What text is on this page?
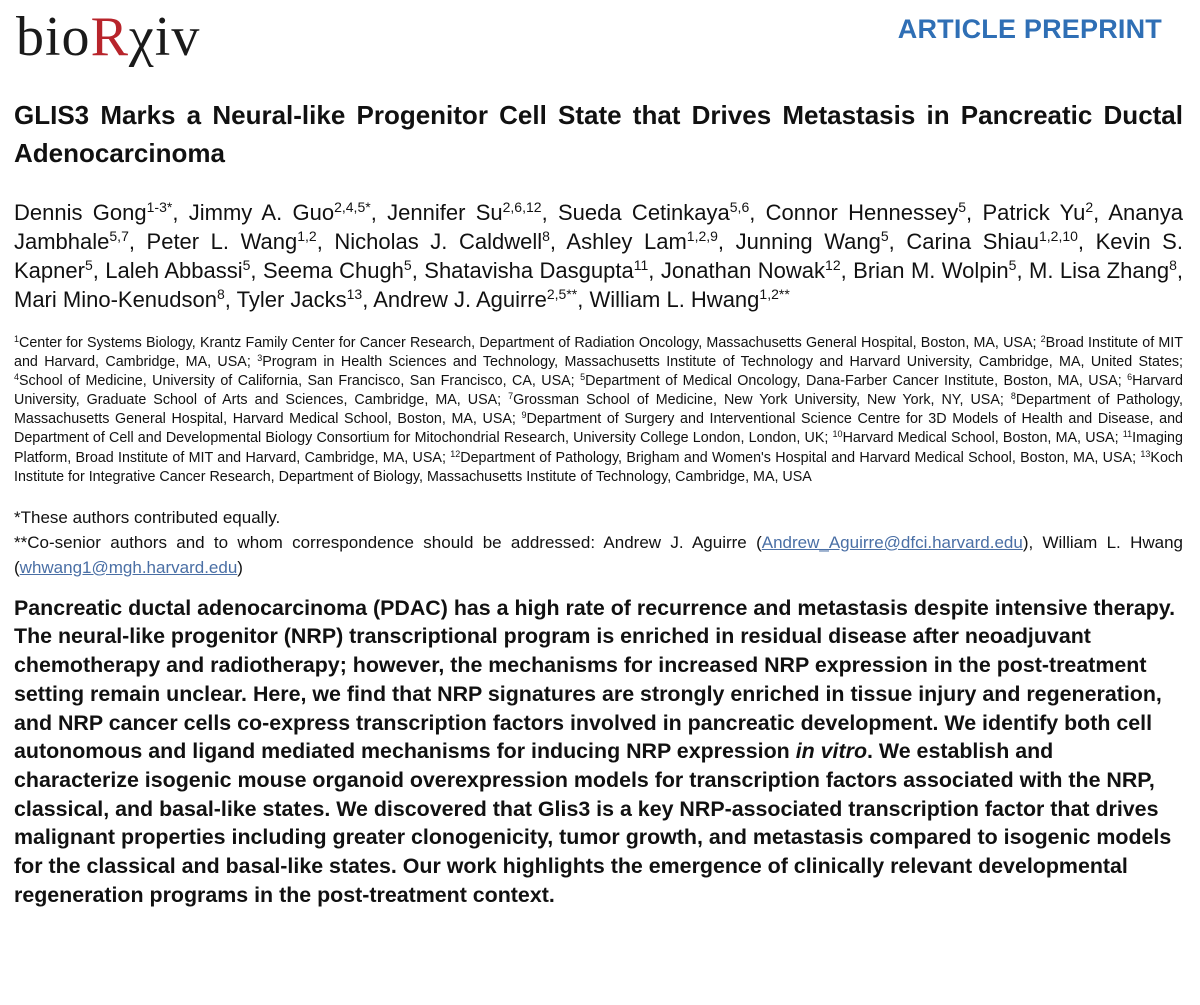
bioRχiv	ARTICLE PREPRINT
GLIS3 Marks a Neural-like Progenitor Cell State that Drives Metastasis in Pancreatic Ductal Adenocarcinoma

Dennis Gong$^{1-3*}$, Jimmy A. Guo$^{2,4,5*}$, Jennifer Su$^{2,6,12}$, Sueda Cetinkaya$^{5,6}$, Connor Hennessey$^5$, Patrick Yu$^2$, Ananya Jambhale$^{5,7}$, Peter L. Wang$^{1,2}$, Nicholas J. Caldwell$^8$, Ashley Lam$^{1,2,9}$, Junning Wang$^5$, Carina Shiau$^{1,2,10}$, Kevin S. Kapner$^5$, Laleh Abbassi$^5$, Seema Chugh$^5$, Shatavisha Dasgupta$^{11}$, Jonathan Nowak$^{12}$, Brian M. Wolpin$^5$, M. Lisa Zhang$^8$, Mari Mino-Kenudson$^8$, Tyler Jacks$^{13}$, Andrew J. Aguirre$^{2,5**}$, William L. Hwang$^{1,2**}$

$^1$Center for Systems Biology, Krantz Family Center for Cancer Research, Department of Radiation Oncology, Massachusetts General Hospital, Boston, MA, USA; $^2$Broad Institute of MIT and Harvard, Cambridge, MA, USA; $^3$Program in Health Sciences and Technology, Massachusetts Institute of Technology and Harvard University, Cambridge, MA, United States; $^4$School of Medicine, University of California, San Francisco, San Francisco, CA, USA; $^5$Department of Medical Oncology, Dana-Farber Cancer Institute, Boston, MA, USA; $^6$Harvard University, Graduate School of Arts and Sciences, Cambridge, MA, USA; $^7$Grossman School of Medicine, New York University, New York, NY, USA; $^8$Department of Pathology, Massachusetts General Hospital, Harvard Medical School, Boston, MA, USA; $^9$Department of Surgery and Interventional Science Centre for 3D Models of Health and Disease, and Department of Cell and Developmental Biology Consortium for Mitochondrial Research, University College London, London, UK; $^{10}$Harvard Medical School, Boston, MA, USA; $^{11}$Imaging Platform, Broad Institute of MIT and Harvard, Cambridge, MA, USA; $^{12}$Department of Pathology, Brigham and Women's Hospital and Harvard Medical School, Boston, MA, USA; $^{13}$Koch Institute for Integrative Cancer Research, Department of Biology, Massachusetts Institute of Technology, Cambridge, MA, USA

*These authors contributed equally.

**Co-senior authors and to whom correspondence should be addressed: Andrew J. Aguirre (Andrew_Aguirre@dfci.harvard.edu), William L. Hwang (whwang1@mgh.harvard.edu)

Pancreatic ductal adenocarcinoma (PDAC) has a high rate of recurrence and metastasis despite intensive therapy. The neural-like progenitor (NRP) transcriptional program is enriched in residual disease after neoadjuvant chemotherapy and radiotherapy; however, the mechanisms for increased NRP expression in the post-treatment setting remain unclear. Here, we find that NRP signatures are strongly enriched in tissue injury and regeneration, and NRP cancer cells co-express transcription factors involved in pancreatic development. We identify both cell autonomous and ligand mediated mechanisms for inducing NRP expression in vitro. We establish and characterize isogenic mouse organoid overexpression models for transcription factors associated with the NRP, classical, and basal-like states. We discovered that Glis3 is a key NRP-associated transcription factor that drives malignant properties including greater clonogenicity, tumor growth, and metastasis compared to isogenic models for the classical and basal-like states. Our work highlights the emergence of clinically relevant developmental regeneration programs in the post-treatment context.
